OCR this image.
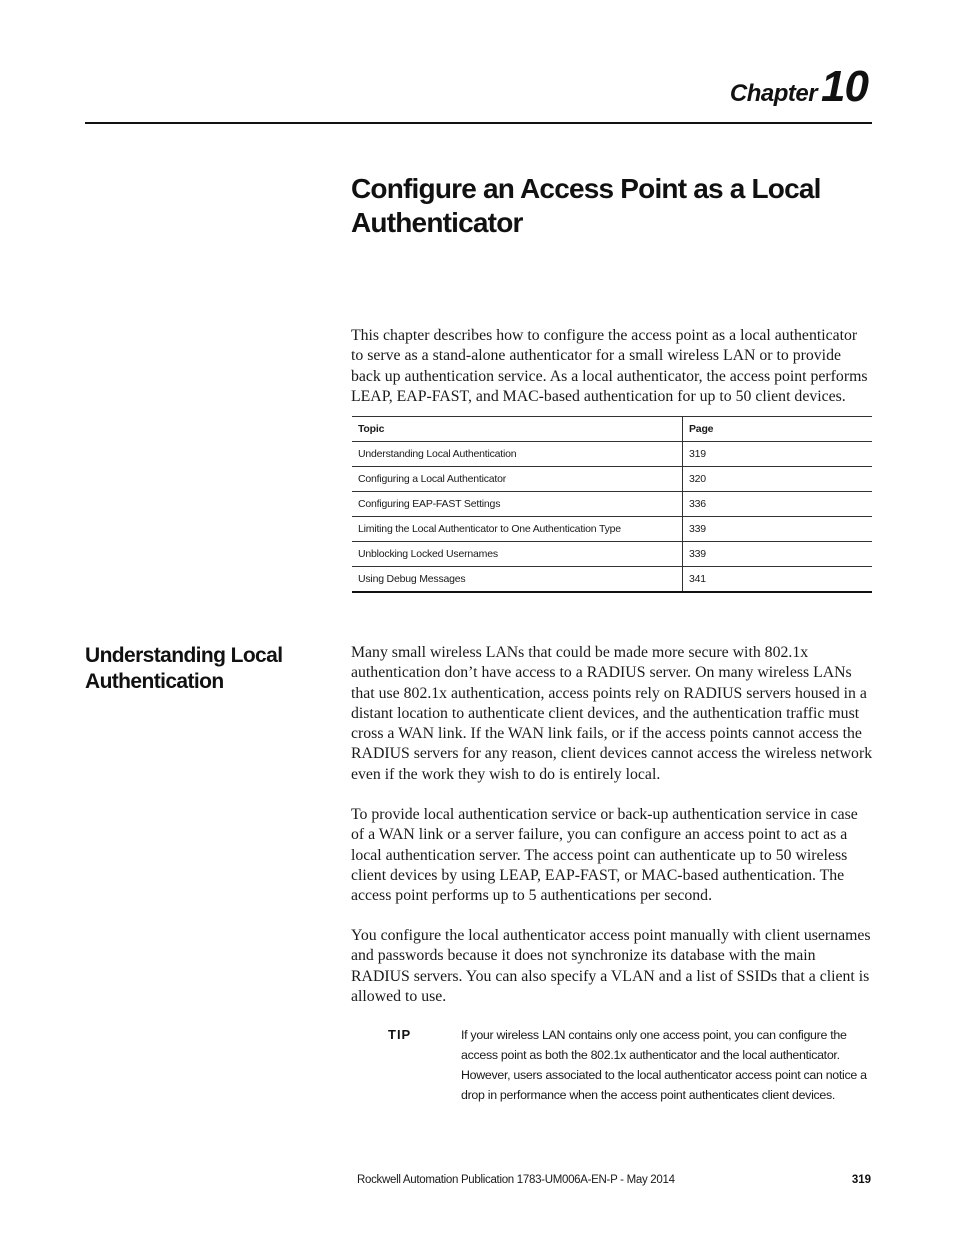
Chapter10
Configure an Access Point as a Local Authenticator

This chapter describes how to configure the access point as a local authenticator to serve as a stand-alone authenticator for a small wireless LAN or to provide back up authentication service. As a local authenticator, the access point performs LEAP, EAP-FAST, and MAC-based authentication for up to 50 client devices.

Topic	Page
Understanding Local Authentication	319
Configuring a Local Authenticator	320
Configuring EAP-FAST Settings	336
Limiting the Local Authenticator to One Authentication Type	339
Unblocking Locked Usernames	339
Using Debug Messages	341
Understanding Local Authentication

Many small wireless LANs that could be made more secure with 802.1x authentication don’t have access to a RADIUS server. On many wireless LANs that use 802.1x authentication, access points rely on RADIUS servers housed in a distant location to authenticate client devices, and the authentication traffic must cross a WAN link. If the WAN link fails, or if the access points cannot access the RADIUS servers for any reason, client devices cannot access the wireless network even if the work they wish to do is entirely local.

To provide local authentication service or back-up authentication service in case of a WAN link or a server failure, you can configure an access point to act as a local authentication server. The access point can authenticate up to 50 wireless client devices by using LEAP, EAP-FAST, or MAC-based authentication. The access point performs up to 5 authentications per second.

You configure the local authenticator access point manually with client usernames and passwords because it does not synchronize its database with the main RADIUS servers. You can also specify a VLAN and a list of SSIDs that a client is allowed to use.

TIP	If your wireless LAN contains only one access point, you can configure the access point as both the 802.1x authenticator and the local authenticator. However, users associated to the local authenticator access point can notice a drop in performance when the access point authenticates client devices.

Rockwell Automation Publication 1783-UM006A-EN-P - May 2014	319
